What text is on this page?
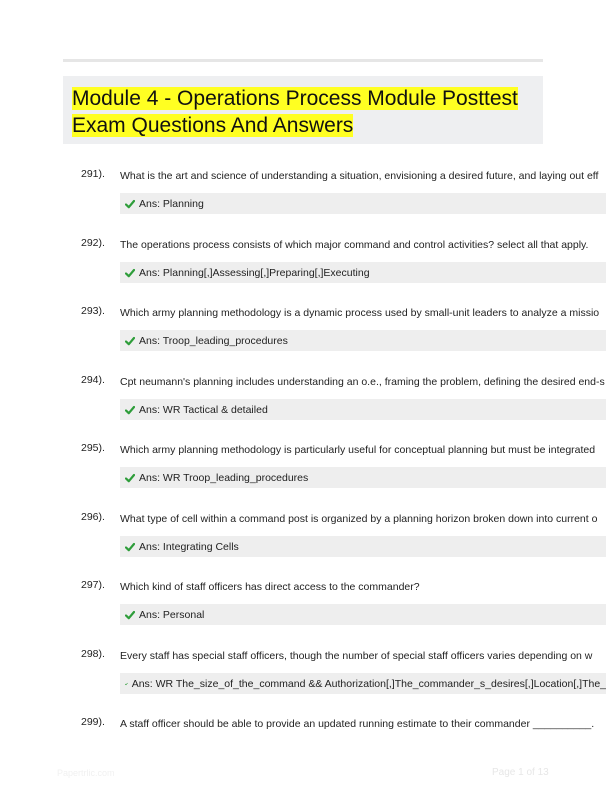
Module 4 - Operations Process Module Posttest
Exam Questions And Answers
291).	What is the art and science of understanding a situation, envisioning a desired future, and laying out eff
Ans: Planning
292).	The operations process consists of which major command and control activities? select all that apply.
Ans: Planning[,]Assessing[,]Preparing[,]Executing
293).	Which army planning methodology is a dynamic process used by small-unit leaders to analyze a missio
Ans: Troop_leading_procedures
294).	Cpt neumann's planning includes understanding an o.e., framing the problem, defining the desired end-s
Ans: WR Tactical & detailed
295).	Which army planning methodology is particularly useful for conceptual planning but must be integrated
Ans: WR Troop_leading_procedures
296).	What type of cell within a command post is organized by a planning horizon broken down into current o
Ans: Integrating Cells
297).	Which kind of staff officers has direct access to the commander?
Ans: Personal
298).	Every staff has special staff officers, though the number of special staff officers varies depending on w
Ans: WR The_size_of_the_command && Authorization[,]The_commander_s_desires[,]Location[,]The_
299).	A staff officer should be able to provide an updated running estimate to their commander __________.
Papertrlic.com	Page 1 of 13
